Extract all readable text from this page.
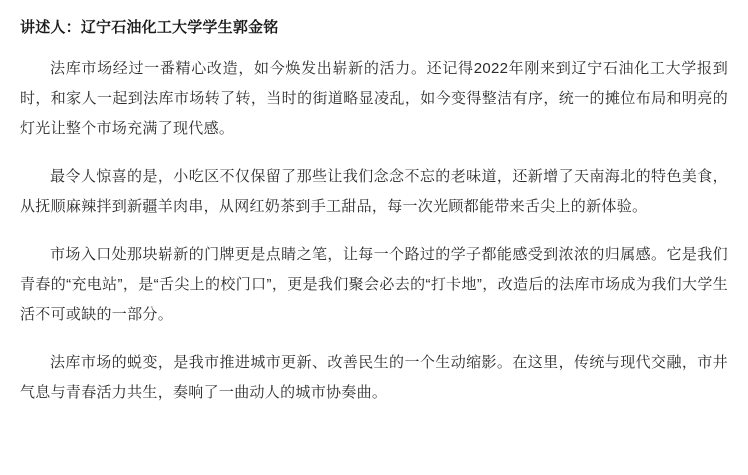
讲述人：辽宁石油化工大学学生郭金铭

法库市场经过一番精心改造，如今焕发出崭新的活力。还记得2022年刚来到辽宁石油化工大学报到时，和家人一起到法库市场转了转，当时的街道略显凌乱，如今变得整洁有序，统一的摊位布局和明亮的灯光让整个市场充满了现代感。

最令人惊喜的是，小吃区不仅保留了那些让我们念念不忘的老味道，还新增了天南海北的特色美食，从抚顺麻辣拌到新疆羊肉串，从网红奶茶到手工甜品，每一次光顾都能带来舌尖上的新体验。

市场入口处那块崭新的门牌更是点睛之笔，让每一个路过的学子都能感受到浓浓的归属感。它是我们青春的“充电站”，是“舌尖上的校门口”，更是我们聚会必去的“打卡地”，改造后的法库市场成为我们大学生活不可或缺的一部分。

法库市场的蜕变，是我市推进城市更新、改善民生的一个生动缩影。在这里，传统与现代交融，市井气息与青春活力共生，奏响了一曲动人的城市协奏曲。
